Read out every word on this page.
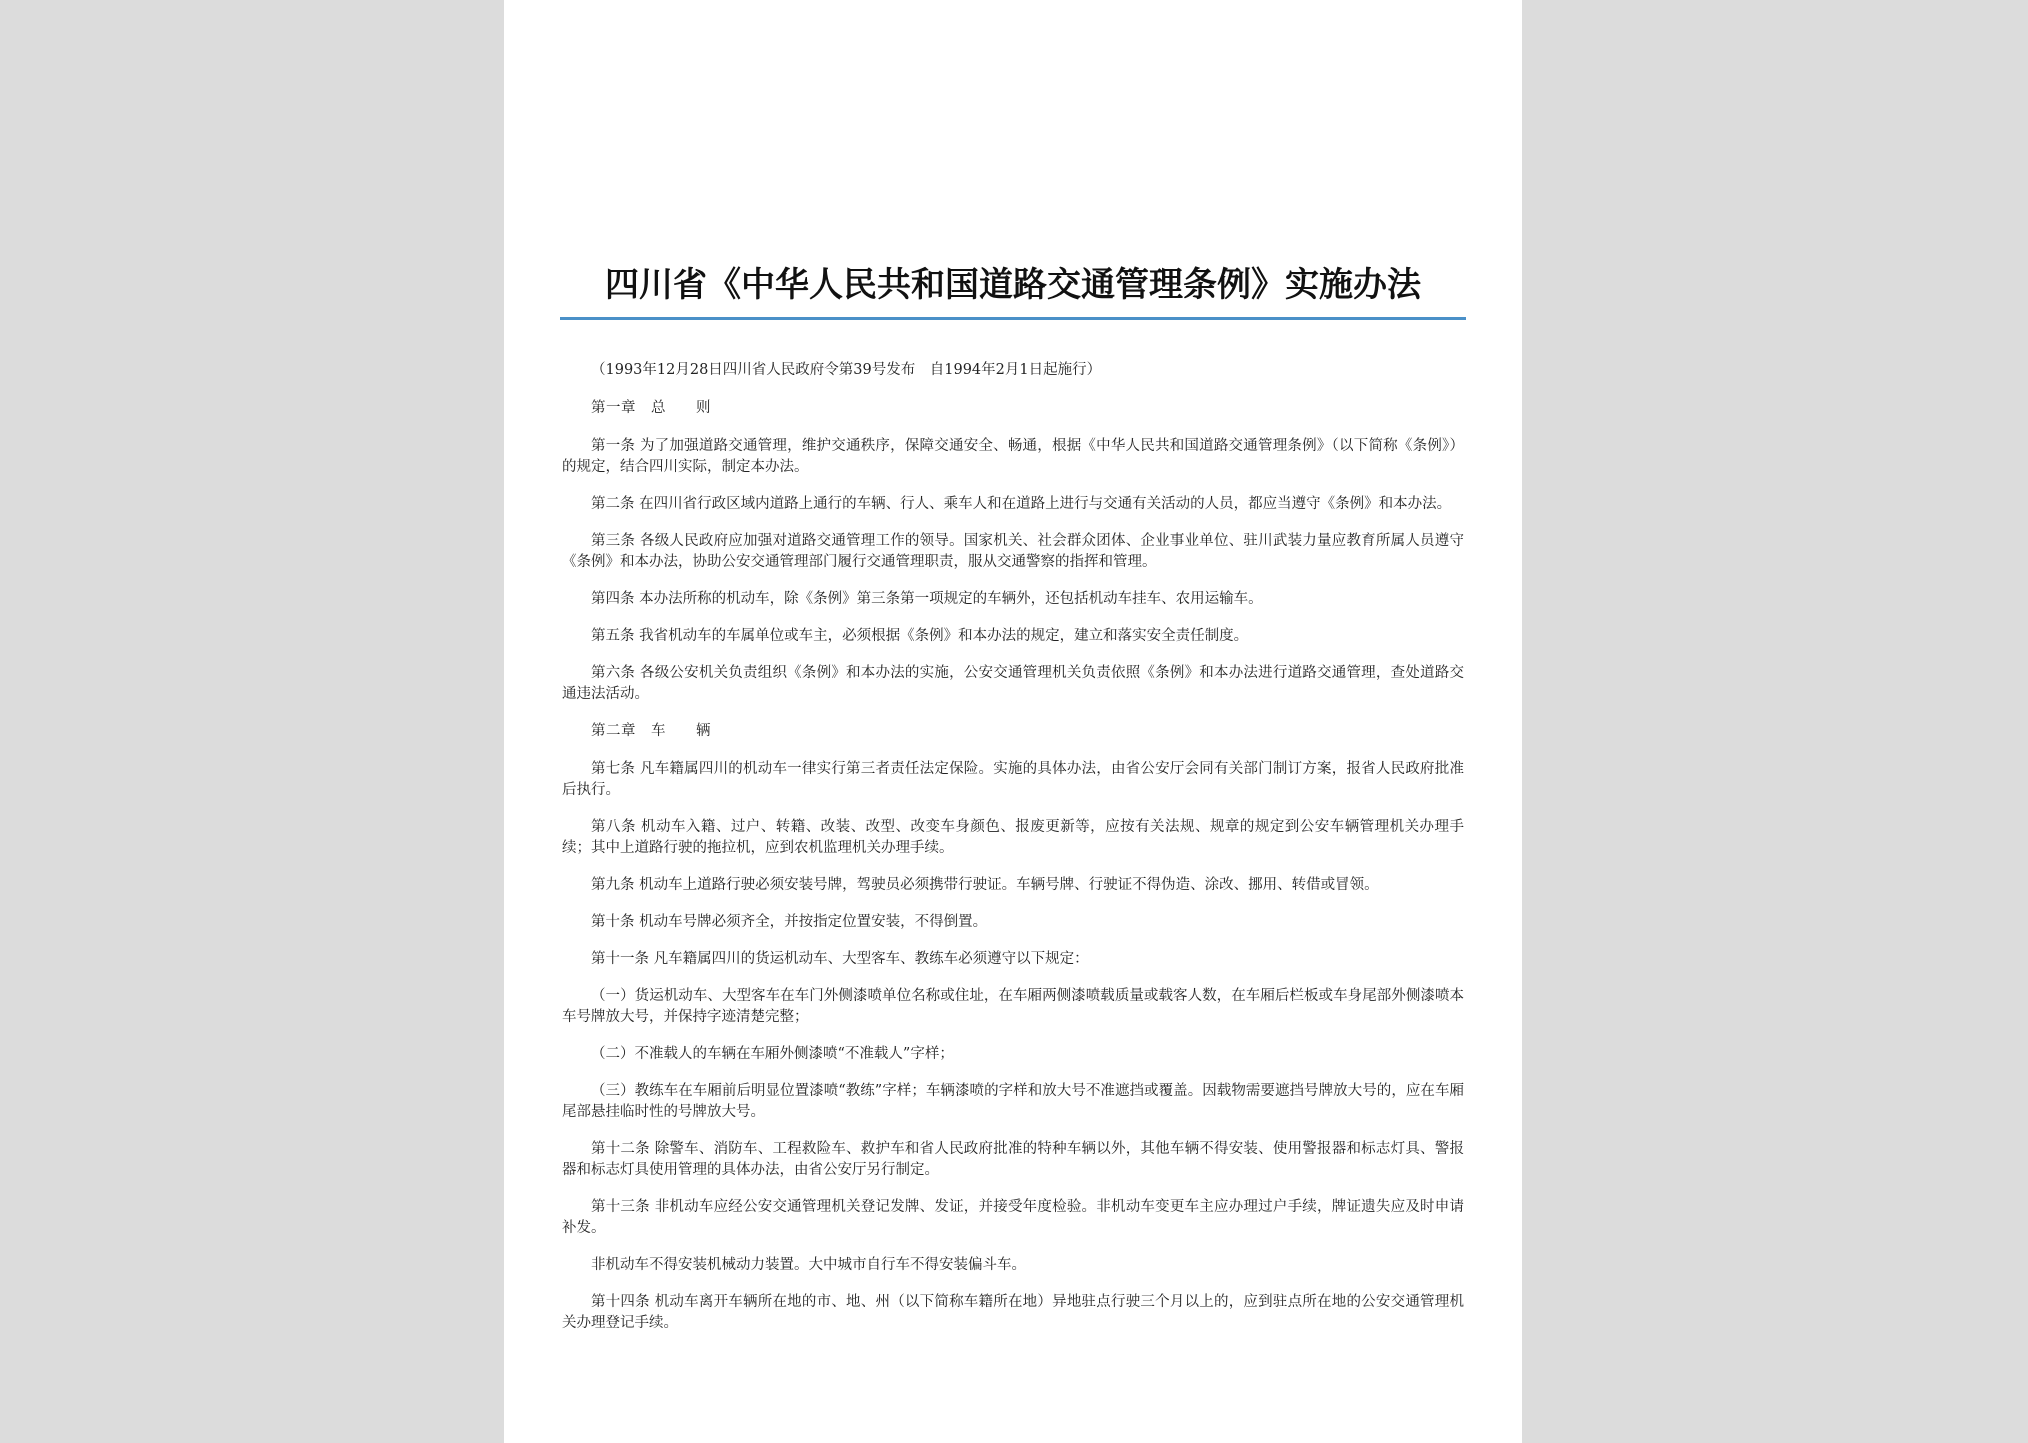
四川省《中华人民共和国道路交通管理条例》实施办法

（1993年12月28日四川省人民政府令第39号发布　自1994年2月1日起施行）

第一章　总　　则

第一条 为了加强道路交通管理，维护交通秩序，保障交通安全、畅通，根据《中华人民共和国道路交通管理条例》（以下简称《条例》）的规定，结合四川实际，制定本办法。

第二条 在四川省行政区域内道路上通行的车辆、行人、乘车人和在道路上进行与交通有关活动的人员，都应当遵守《条例》和本办法。

第三条 各级人民政府应加强对道路交通管理工作的领导。国家机关、社会群众团体、企业事业单位、驻川武装力量应教育所属人员遵守《条例》和本办法，协助公安交通管理部门履行交通管理职责，服从交通警察的指挥和管理。

第四条 本办法所称的机动车，除《条例》第三条第一项规定的车辆外，还包括机动车挂车、农用运输车。

第五条 我省机动车的车属单位或车主，必须根据《条例》和本办法的规定，建立和落实安全责任制度。

第六条 各级公安机关负责组织《条例》和本办法的实施，公安交通管理机关负责依照《条例》和本办法进行道路交通管理，查处道路交通违法活动。

第二章　车　　辆

第七条 凡车籍属四川的机动车一律实行第三者责任法定保险。实施的具体办法，由省公安厅会同有关部门制订方案，报省人民政府批准后执行。

第八条 机动车入籍、过户、转籍、改装、改型、改变车身颜色、报废更新等，应按有关法规、规章的规定到公安车辆管理机关办理手续；其中上道路行驶的拖拉机，应到农机监理机关办理手续。

第九条 机动车上道路行驶必须安装号牌，驾驶员必须携带行驶证。车辆号牌、行驶证不得伪造、涂改、挪用、转借或冒领。

第十条 机动车号牌必须齐全，并按指定位置安装，不得倒置。

第十一条 凡车籍属四川的货运机动车、大型客车、教练车必须遵守以下规定：

（一）货运机动车、大型客车在车门外侧漆喷单位名称或住址，在车厢两侧漆喷载质量或载客人数，在车厢后栏板或车身尾部外侧漆喷本车号牌放大号，并保持字迹清楚完整；

（二）不准载人的车辆在车厢外侧漆喷“不准载人”字样；

（三）教练车在车厢前后明显位置漆喷“教练”字样；车辆漆喷的字样和放大号不准遮挡或覆盖。因载物需要遮挡号牌放大号的，应在车厢尾部悬挂临时性的号牌放大号。

第十二条 除警车、消防车、工程救险车、救护车和省人民政府批准的特种车辆以外，其他车辆不得安装、使用警报器和标志灯具、警报器和标志灯具使用管理的具体办法，由省公安厅另行制定。

第十三条 非机动车应经公安交通管理机关登记发牌、发证，并接受年度检验。非机动车变更车主应办理过户手续，牌证遗失应及时申请补发。

非机动车不得安装机械动力装置。大中城市自行车不得安装偏斗车。

第十四条 机动车离开车辆所在地的市、地、州（以下简称车籍所在地）异地驻点行驶三个月以上的，应到驻点所在地的公安交通管理机关办理登记手续。
